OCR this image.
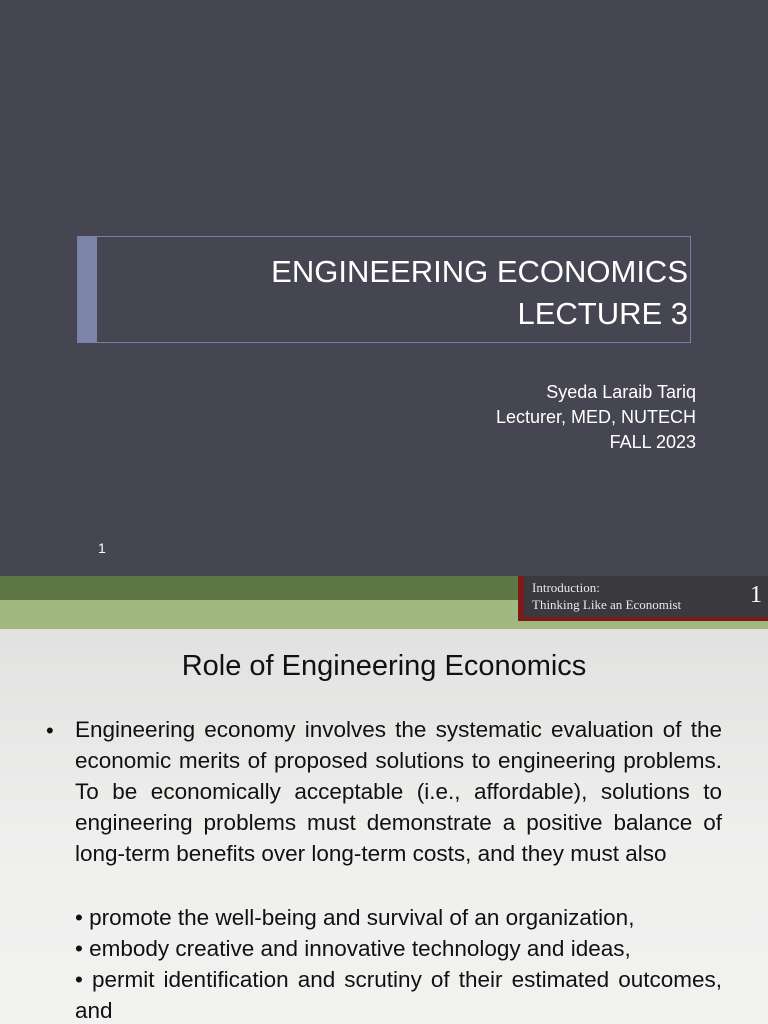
ENGINEERING ECONOMICS
LECTURE 3
Syeda Laraib Tariq
Lecturer, MED, NUTECH
FALL 2023
1
Introduction:
Thinking Like an Economist	1
Role of Engineering Economics
• Engineering economy involves the systematic evaluation of the economic merits of proposed solutions to engineering problems. To be economically acceptable (i.e., affordable), solutions to engineering problems must demonstrate a positive balance of long-term benefits over long-term costs, and they must also
• promote the well-being and survival of an organization,
• embody creative and innovative technology and ideas,
• permit identification and scrutiny of their estimated outcomes, and
